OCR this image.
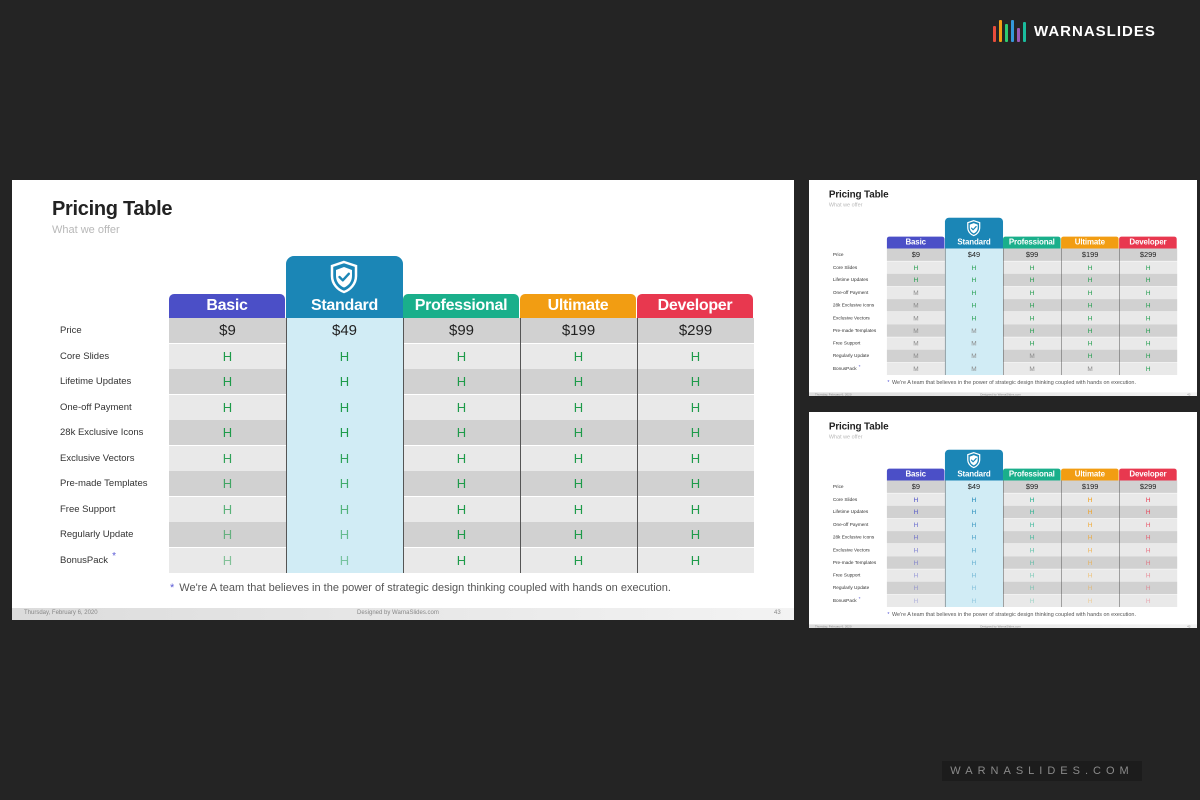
WARNASLIDES
Pricing Table
What we offer
Basic	Standard	Professional	Ultimate	Developer
Price	$9	$49	$99	$199	$299
Core Slides	H	H	H	H	H
Lifetime Updates	H	H	H	H	H
One-off Payment	H	H	H	H	H
28k Exclusive Icons	H	H	H	H	H
Exclusive Vectors	H	H	H	H	H
Pre-made Templates	H	H	H	H	H
Free Support	H	H	H	H	H
Regularly Update	H	H	H	H	H
BonusPack *	H	H	H	H	H
* We're A team that believes in the power of strategic design thinking coupled with hands on execution.
Thursday, February 6, 2020	Designed by WarnaSlides.com	43
Pricing Table
What we offer
Basic	Standard	Professional	Ultimate	Developer
Price	$9	$49	$99	$199	$299
Core Slides	H	H	H	H	H
Lifetime Updates	H	H	H	H	H
One-off Payment	M	H	H	H	H
28k Exclusive Icons	M	H	H	H	H
Exclusive Vectors	M	H	H	H	H
Pre-made Templates	M	M	H	H	H
Free Support	M	M	H	H	H
Regularly Update	M	M	M	H	H
BonusPack *	M	M	M	M	H
* We're A team that believes in the power of strategic design thinking coupled with hands on execution.
Thursday, February 6, 2020	Designed by WarnaSlides.com	43
Pricing Table
What we offer
Basic	Standard	Professional	Ultimate	Developer
Price	$9	$49	$99	$199	$299
Core Slides	H	H	H	H	H
Lifetime Updates	H	H	H	H	H
One-off Payment	H	H	H	H	H
28k Exclusive Icons	H	H	H	H	H
Exclusive Vectors	H	H	H	H	H
Pre-made Templates	H	H	H	H	H
Free Support	H	H	H	H	H
Regularly Update	H	H	H	H	H
BonusPack *	H	H	H	H	H
* We're A team that believes in the power of strategic design thinking coupled with hands on execution.
Thursday, February 6, 2020	Designed by WarnaSlides.com	43
WARNASLIDES.COM
